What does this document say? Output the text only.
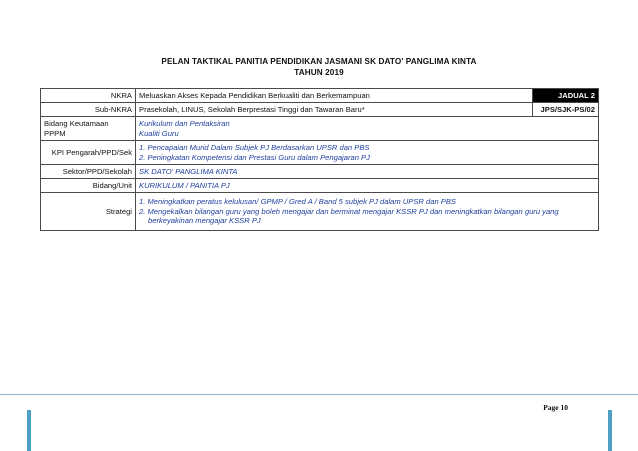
PELAN TAKTIKAL PANITIA PENDIDIKAN JASMANI SK DATO' PANGLIMA KINTA
TAHUN 2019
NKRA	Meluaskan Akses Kepada Pendidikan Berkualiti dan Berkemampuan	JADUAL 2
Sub-NKRA	Prasekolah, LINUS, Sekolah Berprestasi Tinggi dan Tawaran Baru*	JPS/SJK-PS/02
Bidang Keutamaan PPPM	Kurikulum dan Pentaksiran
Kualiti Guru	

KPI Pengarah/PPD/Sek	1. Pencapaian Murid Dalam Subjek PJ Berdasarkan UPSR dan PBS
2. Peningkatan Kompetensi dan Prestasi Guru dalam Pengajaran PJ	

Sektor/PPD/Sekolah	SK DATO' PANGLIMA KINTA	
Bidang/Unit	KURIKULUM / PANITIA PJ	
Strategi	1. Meningkatkan peratus kelulusan/ GPMP / Gred A / Band 5 subjek PJ dalam UPSR dan PBS
2. Mengekalkan bilangan guru yang boleh mengajar dan berminat mengajar KSSR PJ dan meningkatkan bilangan guru yang
berkeyakinan mengajar KSSR PJ	
Page 10
